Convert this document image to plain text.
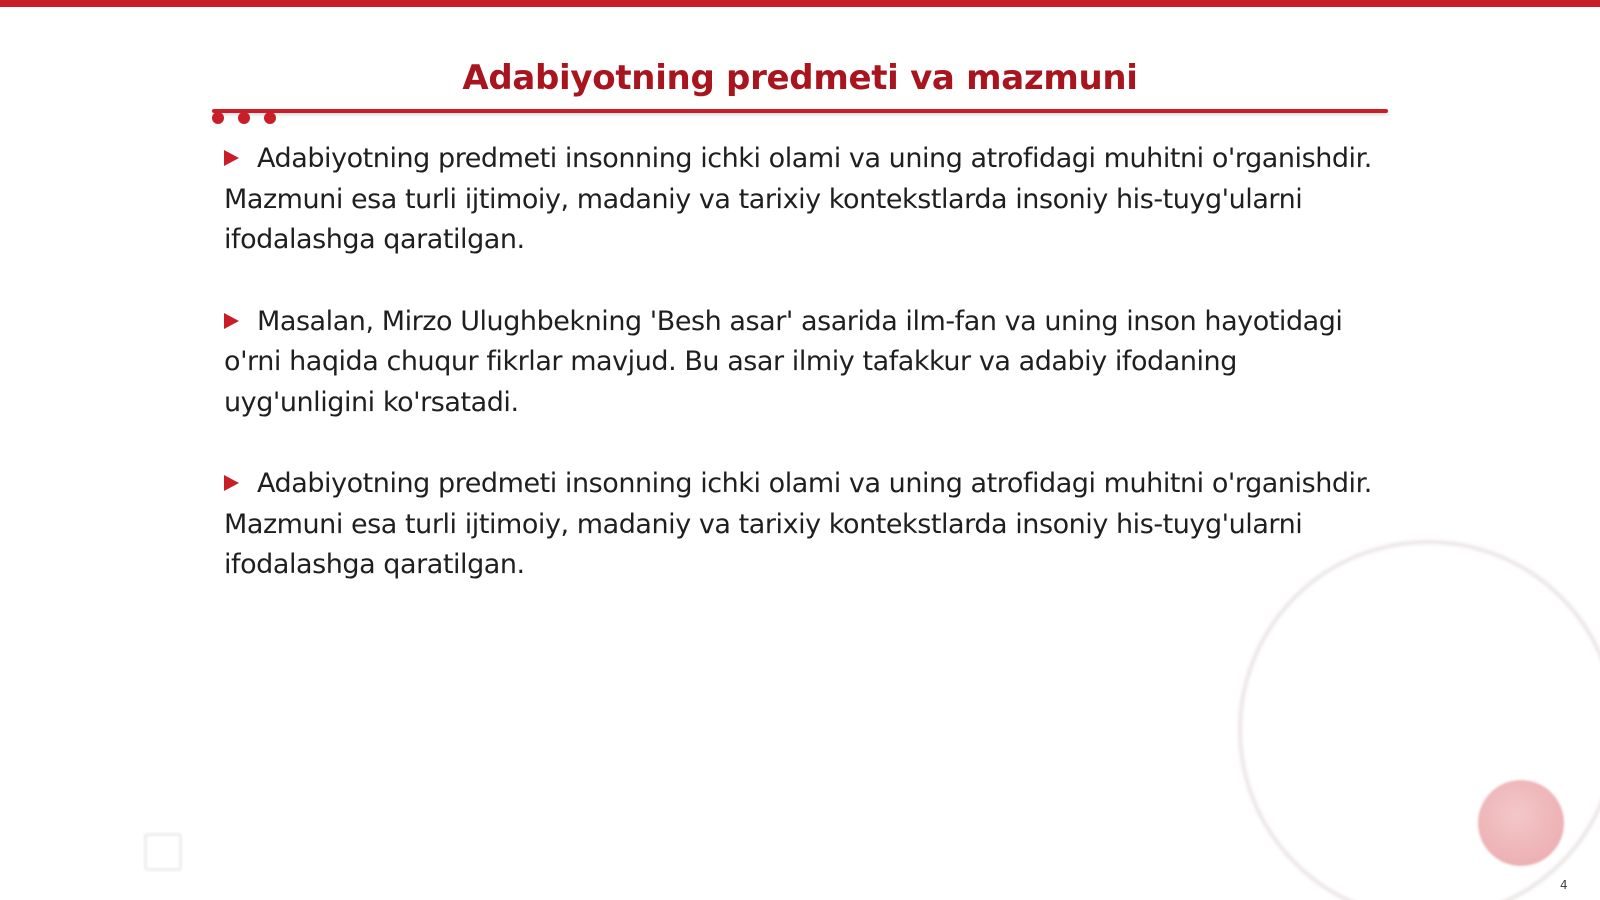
Adabiyotning predmeti va mazmuni
Adabiyotning predmeti insonning ichki olami va uning atrofidagi muhitni o'rganishdir. Mazmuni esa turli ijtimoiy, madaniy va tarixiy kontekstlarda insoniy his-tuyg'ularni ifodalashga qaratilgan.
Masalan, Mirzo Ulughbekning 'Besh asar' asarida ilm-fan va uning inson hayotidagi o'rni haqida chuqur fikrlar mavjud. Bu asar ilmiy tafakkur va adabiy ifodaning uyg'unligini ko'rsatadi.
Adabiyotning predmeti insonning ichki olami va uning atrofidagi muhitni o'rganishdir. Mazmuni esa turli ijtimoiy, madaniy va tarixiy kontekstlarda insoniy his-tuyg'ularni ifodalashga qaratilgan.
4
